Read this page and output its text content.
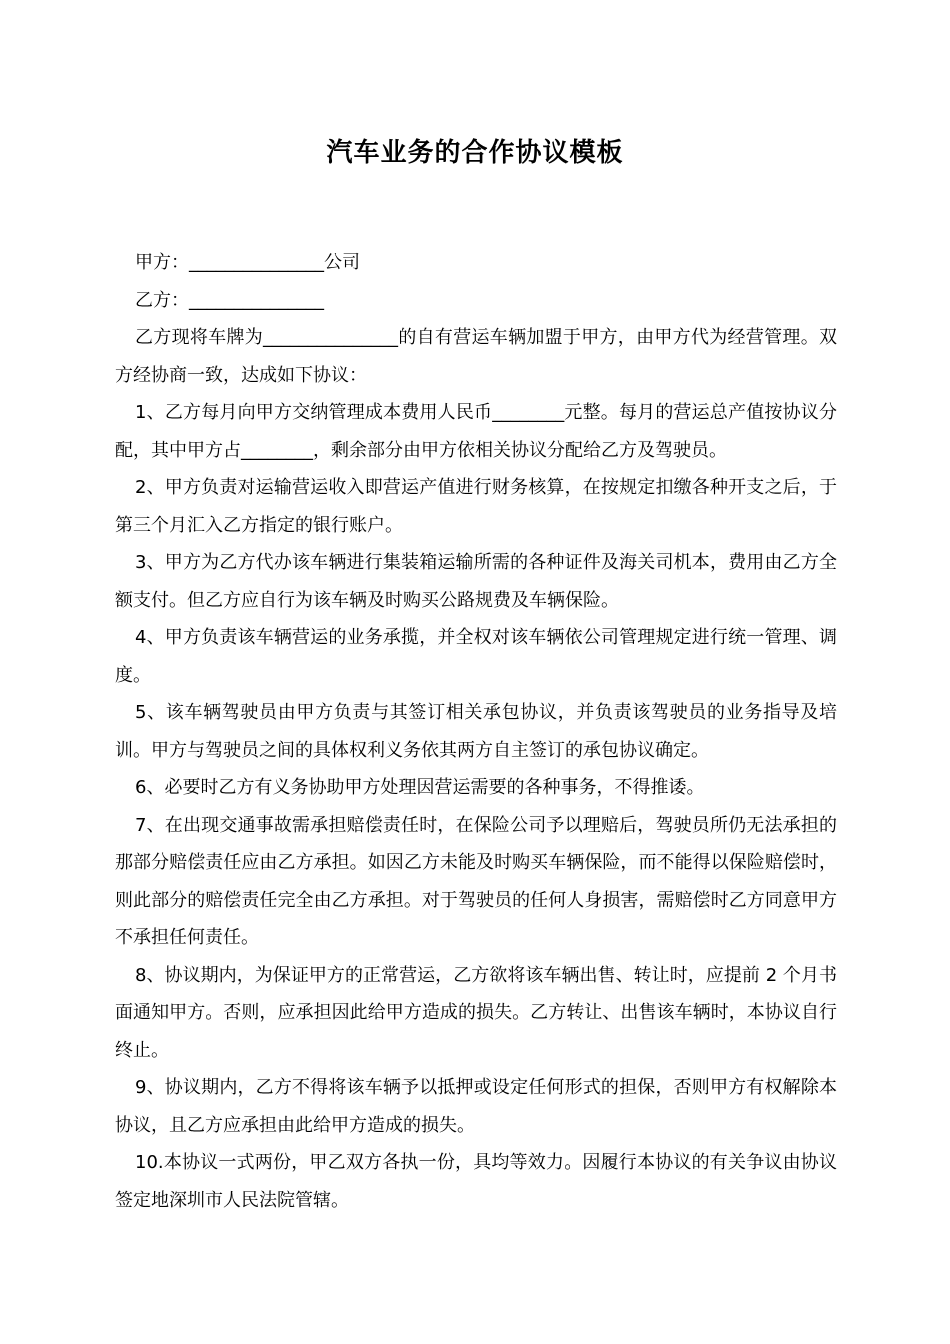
汽车业务的合作协议模板

甲方：_______________公司

乙方：_______________

乙方现将车牌为_______________的自有营运车辆加盟于甲方，由甲方代为经营管理。双方经协商一致，达成如下协议：

1、乙方每月向甲方交纳管理成本费用人民币________元整。每月的营运总产值按协议分配，其中甲方占________，剩余部分由甲方依相关协议分配给乙方及驾驶员。

2、甲方负责对运输营运收入即营运产值进行财务核算，在按规定扣缴各种开支之后，于第三个月汇入乙方指定的银行账户。

3、甲方为乙方代办该车辆进行集装箱运输所需的各种证件及海关司机本，费用由乙方全额支付。但乙方应自行为该车辆及时购买公路规费及车辆保险。

4、甲方负责该车辆营运的业务承揽，并全权对该车辆依公司管理规定进行统一管理、调度。

5、该车辆驾驶员由甲方负责与其签订相关承包协议，并负责该驾驶员的业务指导及培训。甲方与驾驶员之间的具体权利义务依其两方自主签订的承包协议确定。

6、必要时乙方有义务协助甲方处理因营运需要的各种事务，不得推诿。

7、在出现交通事故需承担赔偿责任时，在保险公司予以理赔后，驾驶员所仍无法承担的那部分赔偿责任应由乙方承担。如因乙方未能及时购买车辆保险，而不能得以保险赔偿时，则此部分的赔偿责任完全由乙方承担。对于驾驶员的任何人身损害，需赔偿时乙方同意甲方不承担任何责任。

8、协议期内，为保证甲方的正常营运，乙方欲将该车辆出售、转让时，应提前 2 个月书面通知甲方。否则，应承担因此给甲方造成的损失。乙方转让、出售该车辆时，本协议自行终止。

9、协议期内，乙方不得将该车辆予以抵押或设定任何形式的担保，否则甲方有权解除本协议，且乙方应承担由此给甲方造成的损失。

10.本协议一式两份，甲乙双方各执一份，具均等效力。因履行本协议的有关争议由协议签定地深圳市人民法院管辖。
